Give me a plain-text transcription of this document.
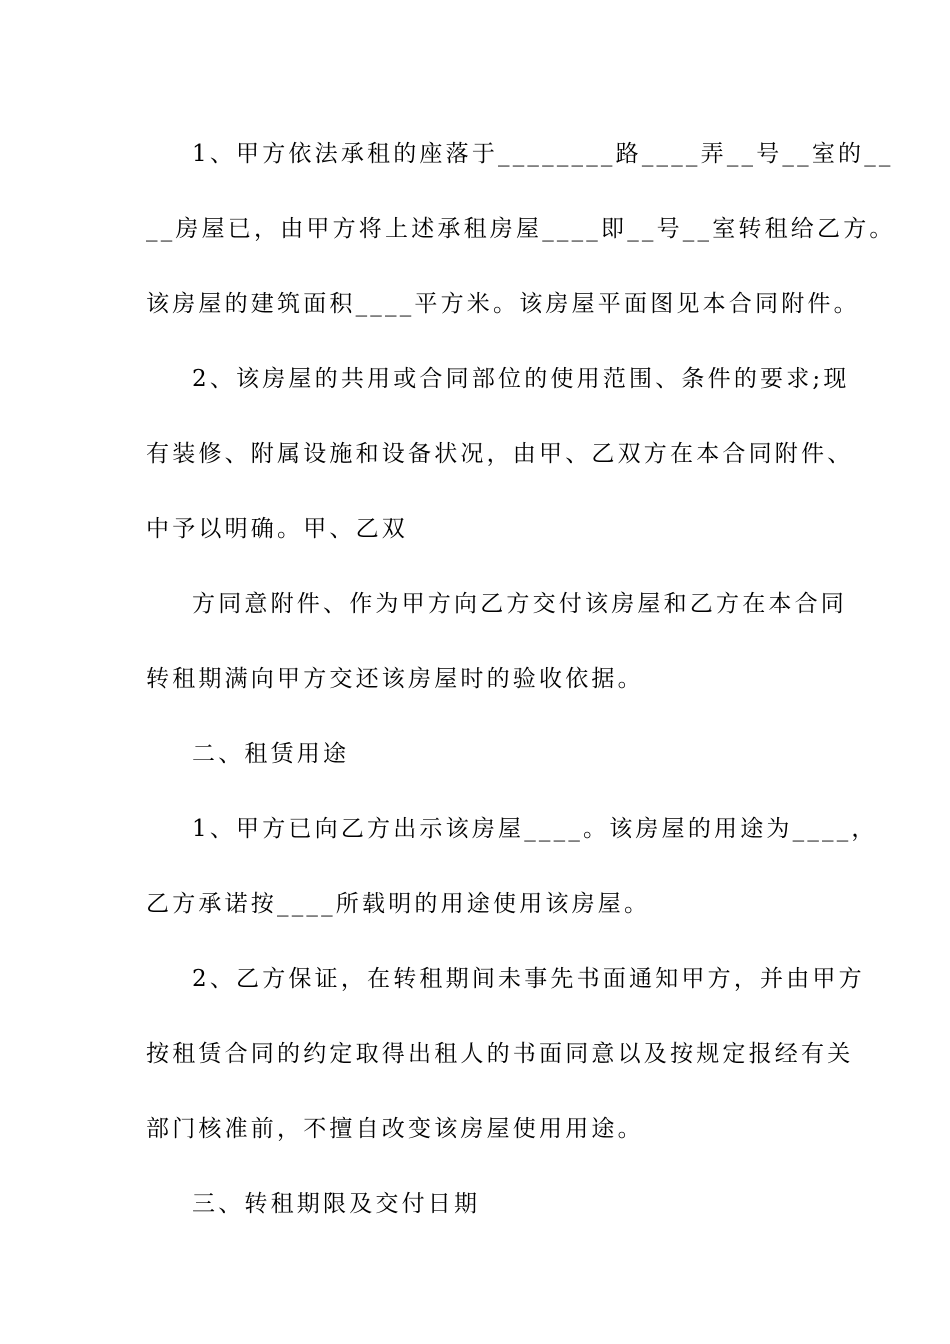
1、甲方依法承租的座落于________路____弄__号__室的__
__房屋已，由甲方将上述承租房屋____即__号__室转租给乙方。
该房屋的建筑面积____平方米。该房屋平面图见本合同附件。
2、该房屋的共用或合同部位的使用范围、条件的要求;现
有装修、附属设施和设备状况，由甲、乙双方在本合同附件、
中予以明确。甲、乙双
方同意附件、作为甲方向乙方交付该房屋和乙方在本合同
转租期满向甲方交还该房屋时的验收依据。
二、租赁用途
1、甲方已向乙方出示该房屋____。该房屋的用途为____，
乙方承诺按____所载明的用途使用该房屋。
2、乙方保证，在转租期间未事先书面通知甲方，并由甲方
按租赁合同的约定取得出租人的书面同意以及按规定报经有关
部门核准前，不擅自改变该房屋使用用途。
三、转租期限及交付日期
